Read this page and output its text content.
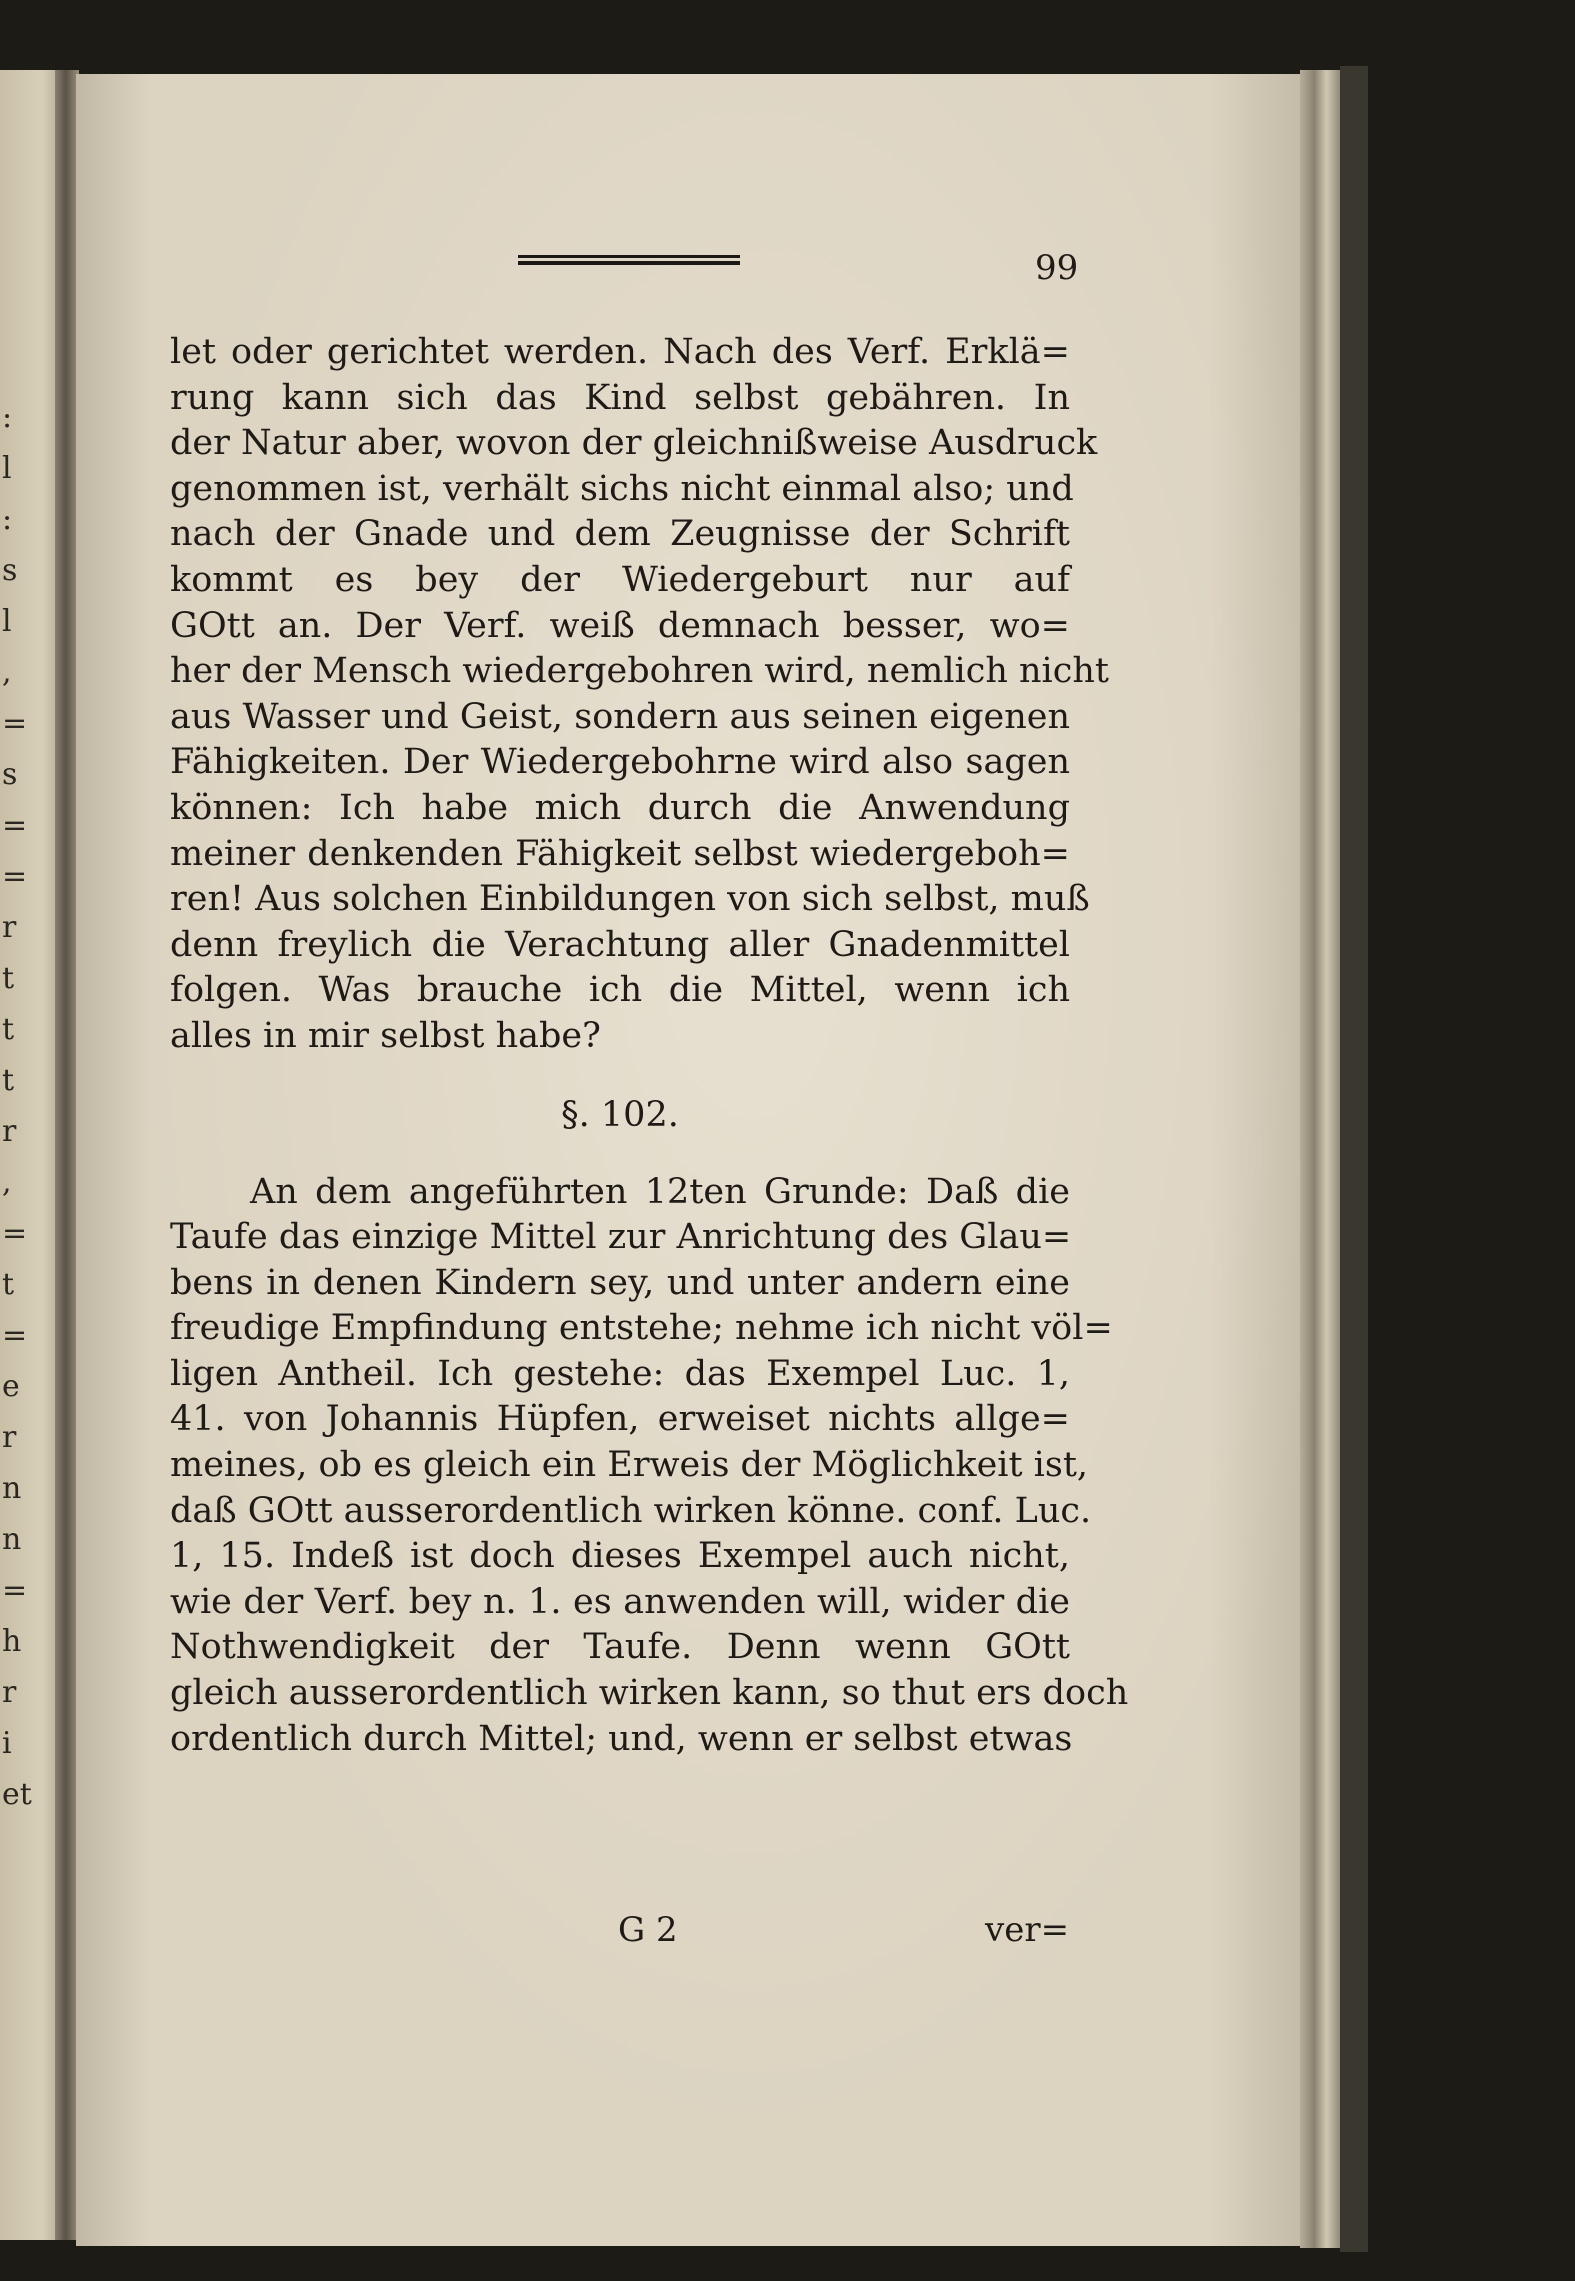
:
l
:
s
l
,
=
s
=
=
r
t
t
t
r
,
=
t
=
e
r
n
n
=
h
r
i
et
99
let oder gerichtet werden. Nach des Verf. Erklä=
rung kann sich das Kind selbst gebähren. In
der Natur aber, wovon der gleichnißweise Ausdruck
genommen ist, verhält sichs nicht einmal also; und
nach der Gnade und dem Zeugnisse der Schrift
kommt es bey der Wiedergeburt nur auf
GOtt an. Der Verf. weiß demnach besser, wo=
her der Mensch wiedergebohren wird, nemlich nicht
aus Wasser und Geist, sondern aus seinen eigenen
Fähigkeiten. Der Wiedergebohrne wird also sagen
können: Ich habe mich durch die Anwendung
meiner denkenden Fähigkeit selbst wiedergeboh=
ren! Aus solchen Einbildungen von sich selbst, muß
denn freylich die Verachtung aller Gnadenmittel
folgen. Was brauche ich die Mittel, wenn ich
alles in mir selbst habe?
§. 102.
An dem angeführten 12ten Grunde: Daß die
Taufe das einzige Mittel zur Anrichtung des Glau=
bens in denen Kindern sey, und unter andern eine
freudige Empfindung entstehe; nehme ich nicht völ=
ligen Antheil. Ich gestehe: das Exempel Luc. 1,
41. von Johannis Hüpfen, erweiset nichts allge=
meines, ob es gleich ein Erweis der Möglichkeit ist,
daß GOtt ausserordentlich wirken könne. conf. Luc.
1, 15. Indeß ist doch dieses Exempel auch nicht,
wie der Verf. bey n. 1. es anwenden will, wider die
Nothwendigkeit der Taufe. Denn wenn GOtt
gleich ausserordentlich wirken kann, so thut ers doch
ordentlich durch Mittel; und, wenn er selbst etwas
G 2	ver=
